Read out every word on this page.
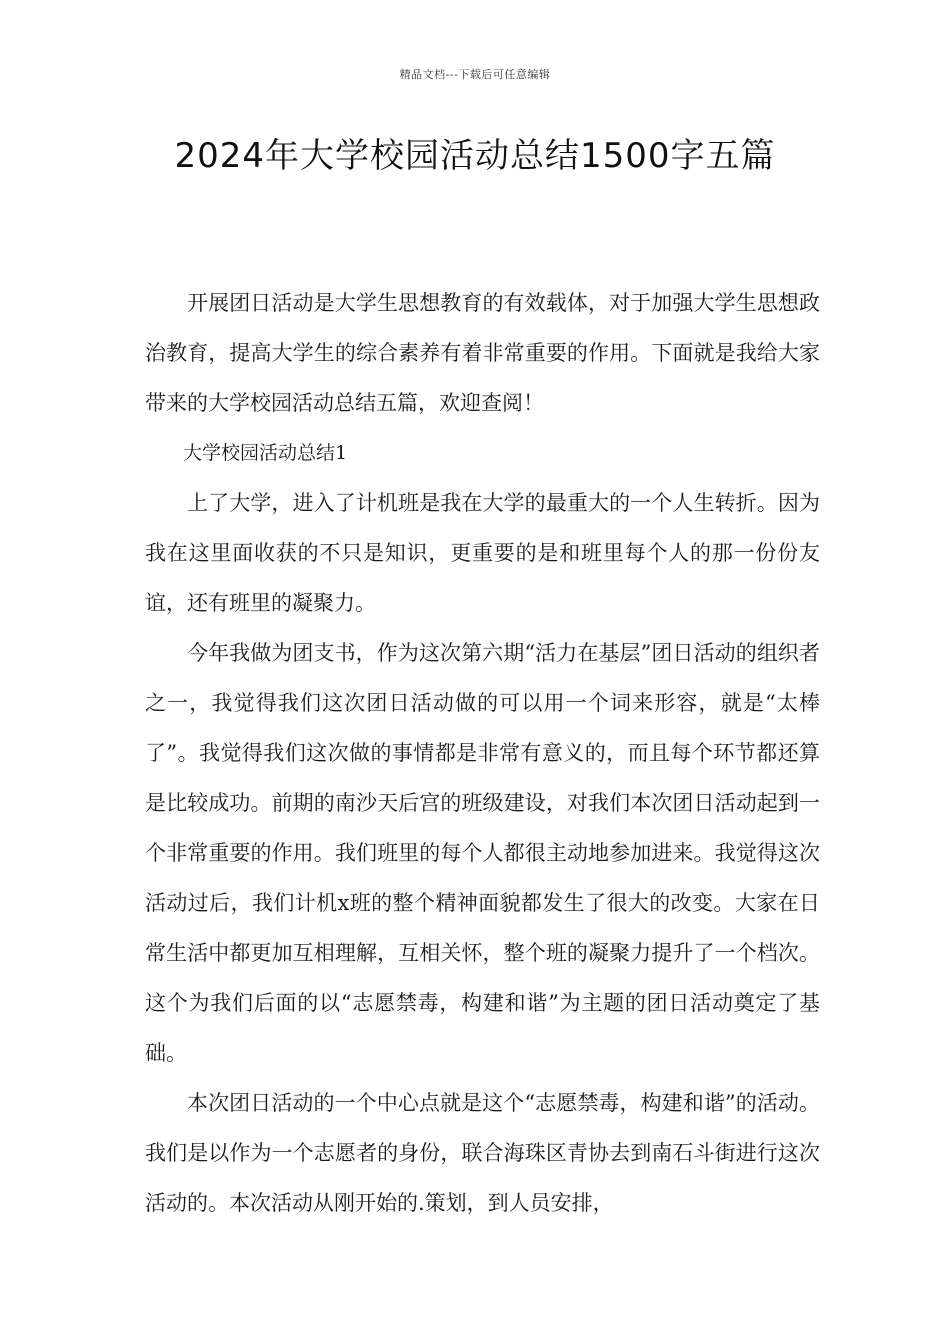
精品文档---下载后可任意编辑
2024年大学校园活动总结1500字五篇

开展团日活动是大学生思想教育的有效载体，对于加强大学生思想政治教育，提高大学生的综合素养有着非常重要的作用。下面就是我给大家带来的大学校园活动总结五篇，欢迎查阅！

大学校园活动总结1

上了大学，进入了计机班是我在大学的最重大的一个人生转折。因为我在这里面收获的不只是知识，更重要的是和班里每个人的那一份份友谊，还有班里的凝聚力。

今年我做为团支书，作为这次第六期“活力在基层”团日活动的组织者之一，我觉得我们这次团日活动做的可以用一个词来形容，就是“太棒了”。我觉得我们这次做的事情都是非常有意义的，而且每个环节都还算是比较成功。前期的南沙天后宫的班级建设，对我们本次团日活动起到一个非常重要的作用。我们班里的每个人都很主动地参加进来。我觉得这次活动过后，我们计机x班的整个精神面貌都发生了很大的改变。大家在日常生活中都更加互相理解，互相关怀，整个班的凝聚力提升了一个档次。这个为我们后面的以“志愿禁毒，构建和谐”为主题的团日活动奠定了基础。

本次团日活动的一个中心点就是这个“志愿禁毒，构建和谐”的活动。我们是以作为一个志愿者的身份，联合海珠区青协去到南石斗街进行这次活动的。本次活动从刚开始的.策划，到人员安排，
